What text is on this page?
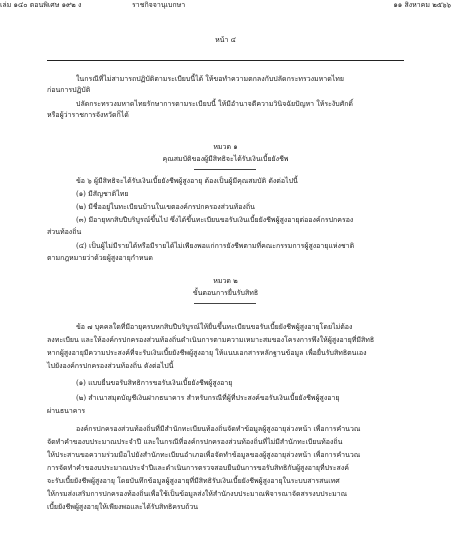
หน้า ๔

เล่ม ๑๔๐ ตอนพิเศษ ๑๙๒ ง	ราชกิจจานุเบกษา	๑๑ สิงหาคม ๒๕๖๖

ในกรณีที่ไม่สามารถปฏิบัติตามระเบียบนี้ได้ ให้ขอทำความตกลงกับปลัดกระทรวงมหาดไทย

ก่อนการปฏิบัติ

ปลัดกระทรวงมหาดไทยรักษาการตามระเบียบนี้ ให้มีอำนาจตีความวินิจฉัยปัญหา ให้ระงับศักดิ์

หรือผู้ว่าราชการจังหวัดก็ได้

หมวด ๑

คุณสมบัติของผู้มีสิทธิจะได้รับเงินเบี้ยยังชีพ

ข้อ ๖ ผู้มีสิทธิจะได้รับเงินเบี้ยยังชีพผู้สูงอายุ ต้องเป็นผู้มีคุณสมบัติ ดังต่อไปนี้

(๑) มีสัญชาติไทย

(๒) มีชื่ออยู่ในทะเบียนบ้านในเขตองค์กรปกครองส่วนท้องถิ่น

(๓) มีอายุหกสิบปีบริบูรณ์ขึ้นไป ซึ่งได้ขึ้นทะเบียนขอรับเงินเบี้ยยังชีพผู้สูงอายุต่อองค์กรปกครอง

ส่วนท้องถิ่น

(๔) เป็นผู้ไม่มีรายได้หรือมีรายได้ไม่เพียงพอแก่การยังชีพตามที่คณะกรรมการผู้สูงอายุแห่งชาติ

ตามกฎหมายว่าด้วยผู้สูงอายุกำหนด

หมวด ๒

ขั้นตอนการยื่นรับสิทธิ

ข้อ ๗ บุคคลใดที่มีอายุครบหกสิบปีบริบูรณ์ให้ยื่นขึ้นทะเบียนขอรับเบี้ยยังชีพผู้สูงอายุโดยไม่ต้อง

ลงทะเบียน และให้องค์กรปกครองส่วนท้องถิ่นดำเนินการตามความเหมาะสมของโครงการพึงให้ผู้สูงอายุที่มีสิทธิ

หากผู้สูงอายุมีความประสงค์ที่จะรับเงินเบี้ยยังชีพผู้สูงอายุ ให้แนบเอกสารหลักฐานข้อมูล เพื่อยื่นรับสิทธิตนเอง

ไปยังองค์กรปกครองส่วนท้องถิ่น ดังต่อไปนี้

(๑) แบบยื่นขอรับสิทธิการขอรับเงินเบี้ยยังชีพผู้สูงอายุ

(๒) สำเนาสมุดบัญชีเงินฝากธนาคาร สำหรับกรณีที่ผู้ที่ประสงค์ขอรับเงินเบี้ยยังชีพผู้สูงอายุ

ผ่านธนาคาร

องค์กรปกครองส่วนท้องถิ่นที่มีสำนักทะเบียนท้องถิ่นจัดทำข้อมูลผู้สูงอายุล่วงหน้า เพื่อการคำนวณ

จัดทำคำของบประมาณประจำปี และในกรณีที่องค์กรปกครองส่วนท้องถิ่นที่ไม่มีสำนักทะเบียนท้องถิ่น

ให้ประสานขอความร่วมมือไปยังสำนักทะเบียนอำเภอเพื่อจัดทำข้อมูลของผู้สูงอายุล่วงหน้า เพื่อการคำนวณ

การจัดทำคำของบประมาณประจำปีและดำเนินการตรวจสอบยืนยันการขอรับสิทธิกับผู้สูงอายุที่ประสงค์

จะรับเบี้ยยังชีพผู้สูงอายุ โดยบันทึกข้อมูลผู้สูงอายุที่มีสิทธิรับเงินเบี้ยยังชีพผู้สูงอายุในระบบสารสนเทศ

ให้กรมส่งเสริมการปกครองท้องถิ่นเพื่อใช้เป็นข้อมูลส่งให้สำนักงบประมาณพิจารณาจัดสรรงบประมาณ

เบี้ยยังชีพผู้สูงอายุให้เพียงพอและได้รับสิทธิครบถ้วน
